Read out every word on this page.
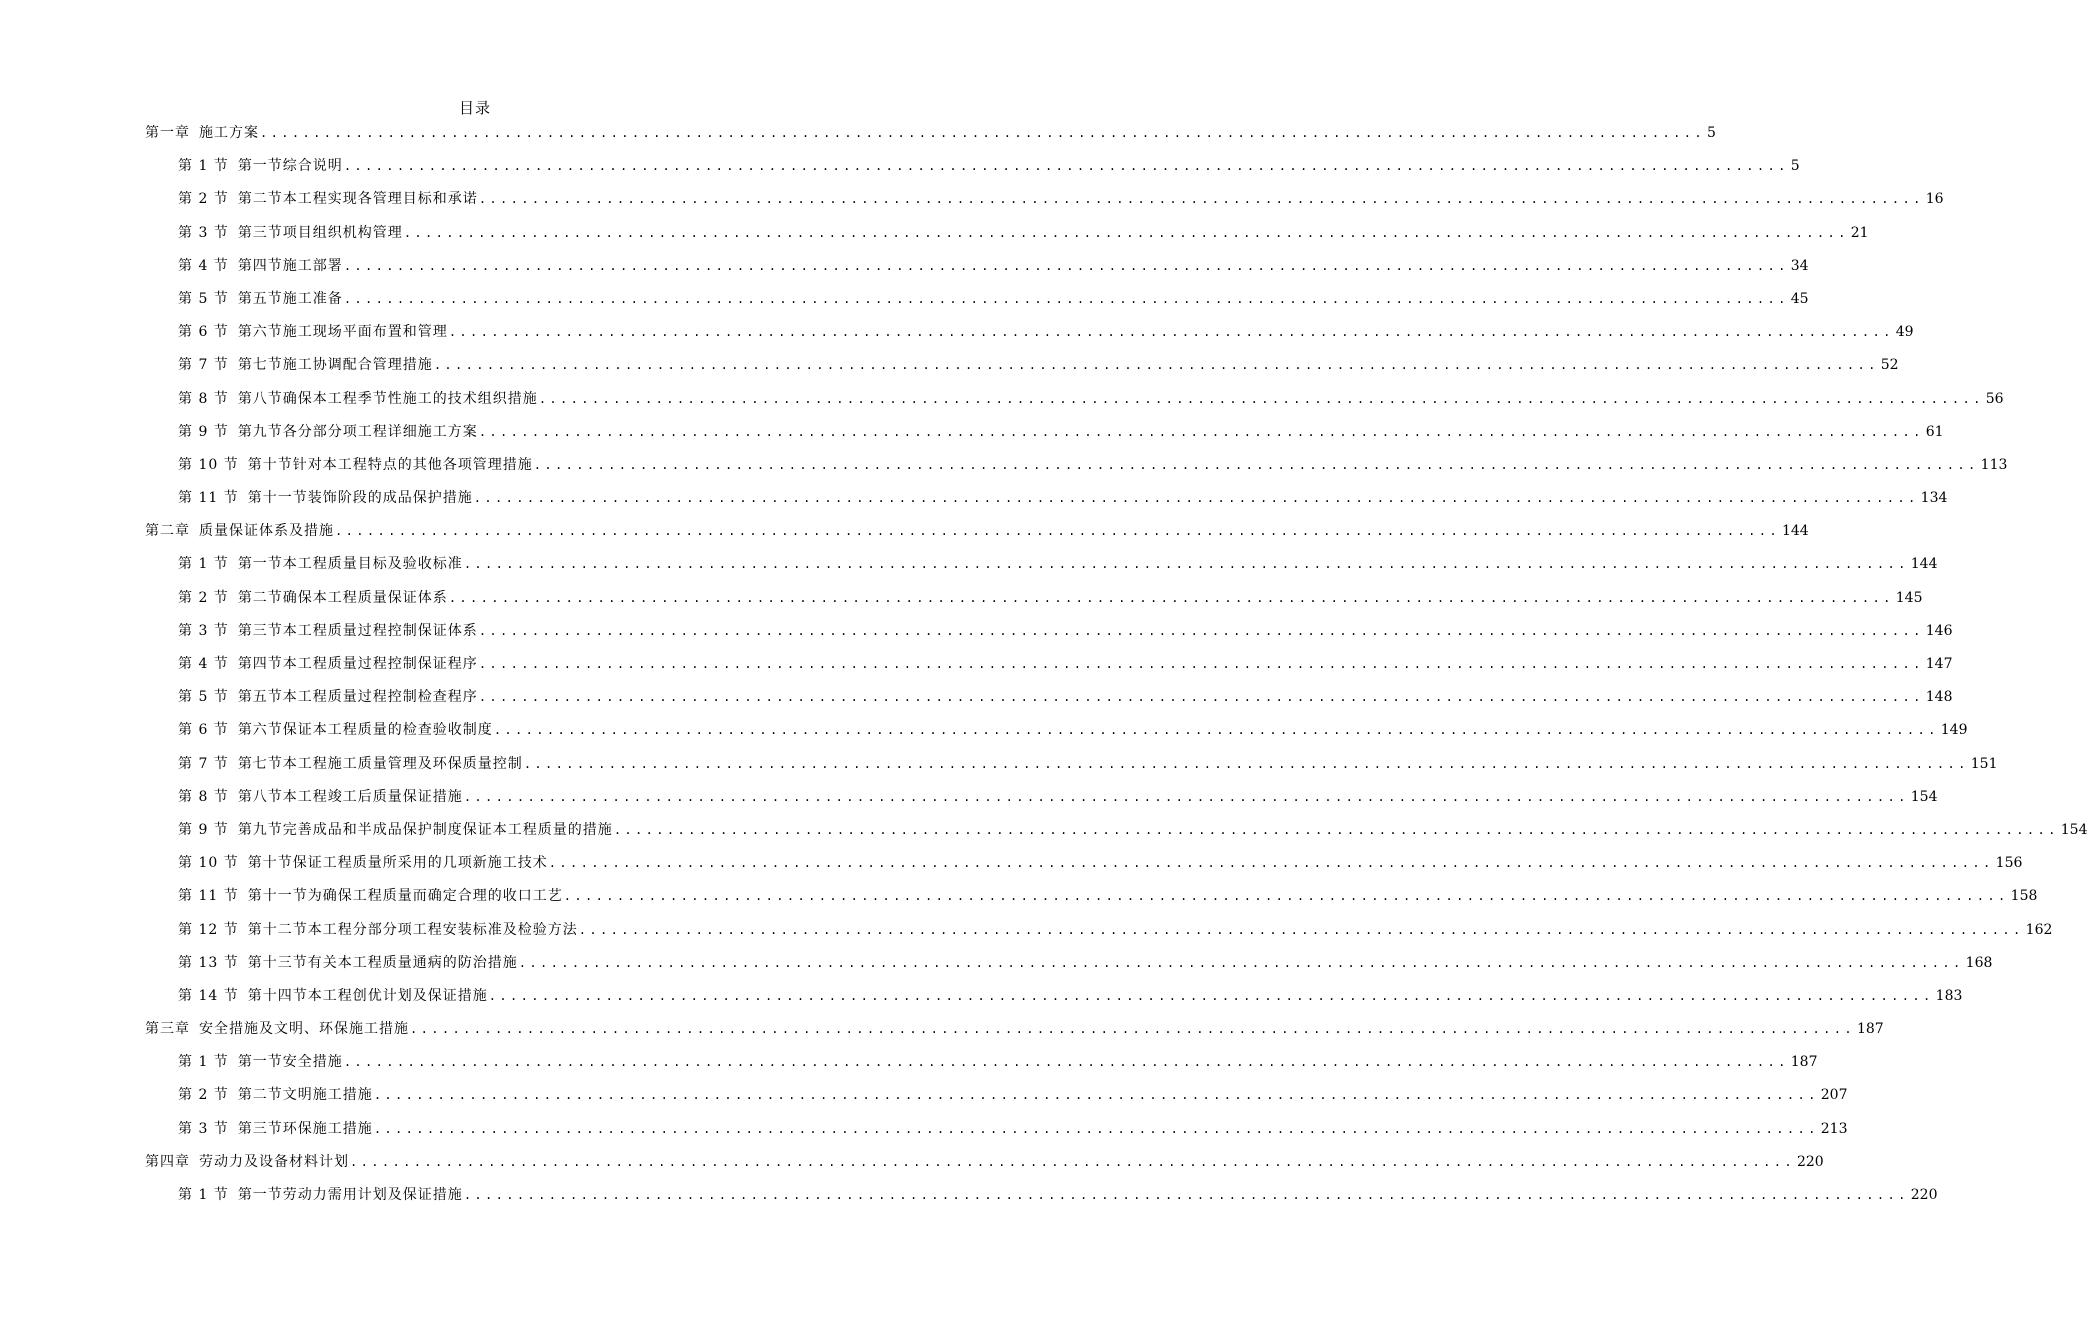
目录
第一章 施工方案 ........................................................................................................................................ 5
第 1 节 第一节综合说明 ........................................................................................................................................ 5
第 2 节 第二节本工程实现各管理目标和承诺 ........................................................................................................................................ 16
第 3 节 第三节项目组织机构管理 ........................................................................................................................................ 21
第 4 节 第四节施工部署 ........................................................................................................................................ 34
第 5 节 第五节施工准备 ........................................................................................................................................ 45
第 6 节 第六节施工现场平面布置和管理 ........................................................................................................................................ 49
第 7 节 第七节施工协调配合管理措施 ........................................................................................................................................ 52
第 8 节 第八节确保本工程季节性施工的技术组织措施 ........................................................................................................................................ 56
第 9 节 第九节各分部分项工程详细施工方案 ........................................................................................................................................ 61
第 10 节 第十节针对本工程特点的其他各项管理措施 ........................................................................................................................................ 113
第 11 节 第十一节装饰阶段的成品保护措施 ........................................................................................................................................ 134
第二章 质量保证体系及措施 ........................................................................................................................................ 144
第 1 节 第一节本工程质量目标及验收标准 ........................................................................................................................................ 144
第 2 节 第二节确保本工程质量保证体系 ........................................................................................................................................ 145
第 3 节 第三节本工程质量过程控制保证体系 ........................................................................................................................................ 146
第 4 节 第四节本工程质量过程控制保证程序 ........................................................................................................................................ 147
第 5 节 第五节本工程质量过程控制检查程序 ........................................................................................................................................ 148
第 6 节 第六节保证本工程质量的检查验收制度 ........................................................................................................................................ 149
第 7 节 第七节本工程施工质量管理及环保质量控制 ........................................................................................................................................ 151
第 8 节 第八节本工程竣工后质量保证措施 ........................................................................................................................................ 154
第 9 节 第九节完善成品和半成品保护制度保证本工程质量的措施 ........................................................................................................................................ 154
第 10 节 第十节保证工程质量所采用的几项新施工技术 ........................................................................................................................................ 156
第 11 节 第十一节为确保工程质量而确定合理的收口工艺 ........................................................................................................................................ 158
第 12 节 第十二节本工程分部分项工程安装标准及检验方法 ........................................................................................................................................ 162
第 13 节 第十三节有关本工程质量通病的防治措施 ........................................................................................................................................ 168
第 14 节 第十四节本工程创优计划及保证措施 ........................................................................................................................................ 183
第三章 安全措施及文明、环保施工措施 ........................................................................................................................................ 187
第 1 节 第一节安全措施 ........................................................................................................................................ 187
第 2 节 第二节文明施工措施 ........................................................................................................................................ 207
第 3 节 第三节环保施工措施 ........................................................................................................................................ 213
第四章 劳动力及设备材料计划 ........................................................................................................................................ 220
第 1 节 第一节劳动力需用计划及保证措施 ........................................................................................................................................ 220
